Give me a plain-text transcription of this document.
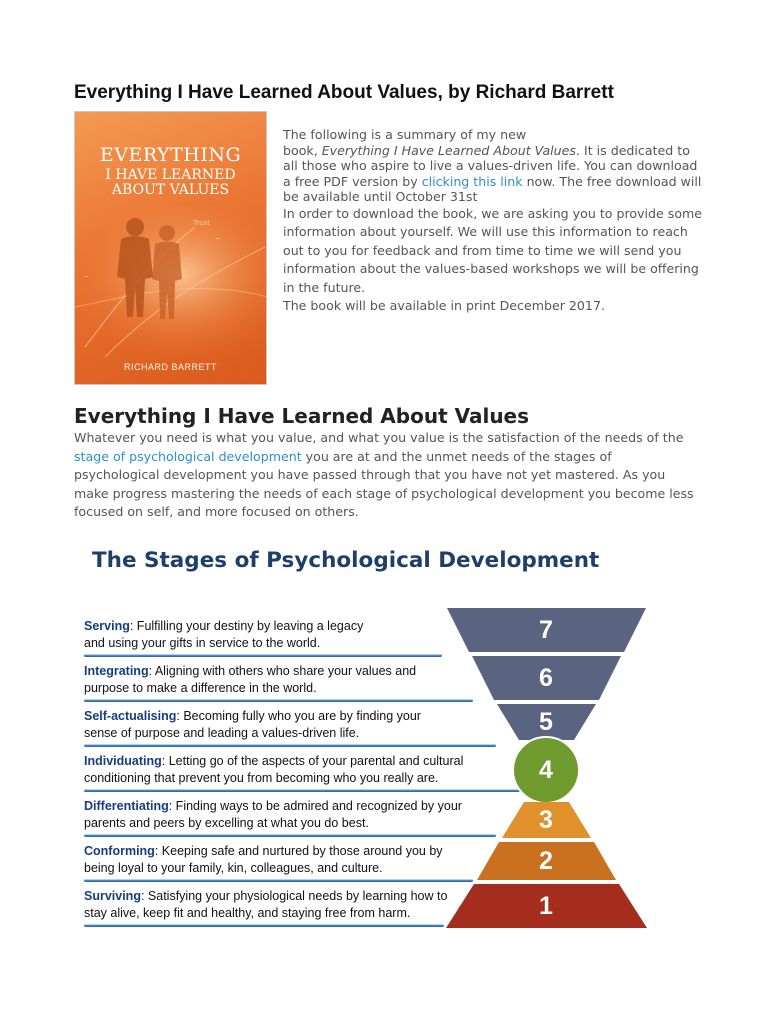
Everything I Have Learned About Values, by Richard Barrett
EVERYTHING
I HAVE LEARNED
ABOUT VALUES
Trust
~
~
RICHARD BARRETT

The following is a summary of my new
book, Everything I Have Learned About Values. It is dedicated to all those who aspire to live a values-driven life. You can download a free PDF version by clicking this link now. The free download will be available until October 31st

In order to download the book, we are asking you to provide some information about yourself. We will use this information to reach out to you for feedback and from time to time we will send you information about the values-based workshops we will be offering in the future.

The book will be available in print December 2017.

Everything I Have Learned About Values

Whatever you need is what you value, and what you value is the satisfaction of the needs of the stage of psychological development you are at and the unmet needs of the stages of psychological development you have passed through that you have not yet mastered. As you make progress mastering the needs of each stage of psychological development you become less focused on self, and more focused on others.

The Stages of Psychological Development
Serving: Fulfilling your destiny by leaving a legacy
and using your gifts in service to the world.
Integrating: Aligning with others who share your values and
purpose to make a difference in the world.
Self-actualising: Becoming fully who you are by finding your
sense of purpose and leading a values-driven life.
Individuating: Letting go of the aspects of your parental and cultural
conditioning that prevent you from becoming who you really are.
Differentiating: Finding ways to be admired and recognized by your
parents and peers by excelling at what you do best.
Conforming: Keeping safe and nurtured by those around you by
being loyal to your family, kin, colleagues, and culture.
Surviving: Satisfying your physiological needs by learning how to
stay alive, keep fit and healthy, and staying free from harm.
7
6
5
4
3
2
1
